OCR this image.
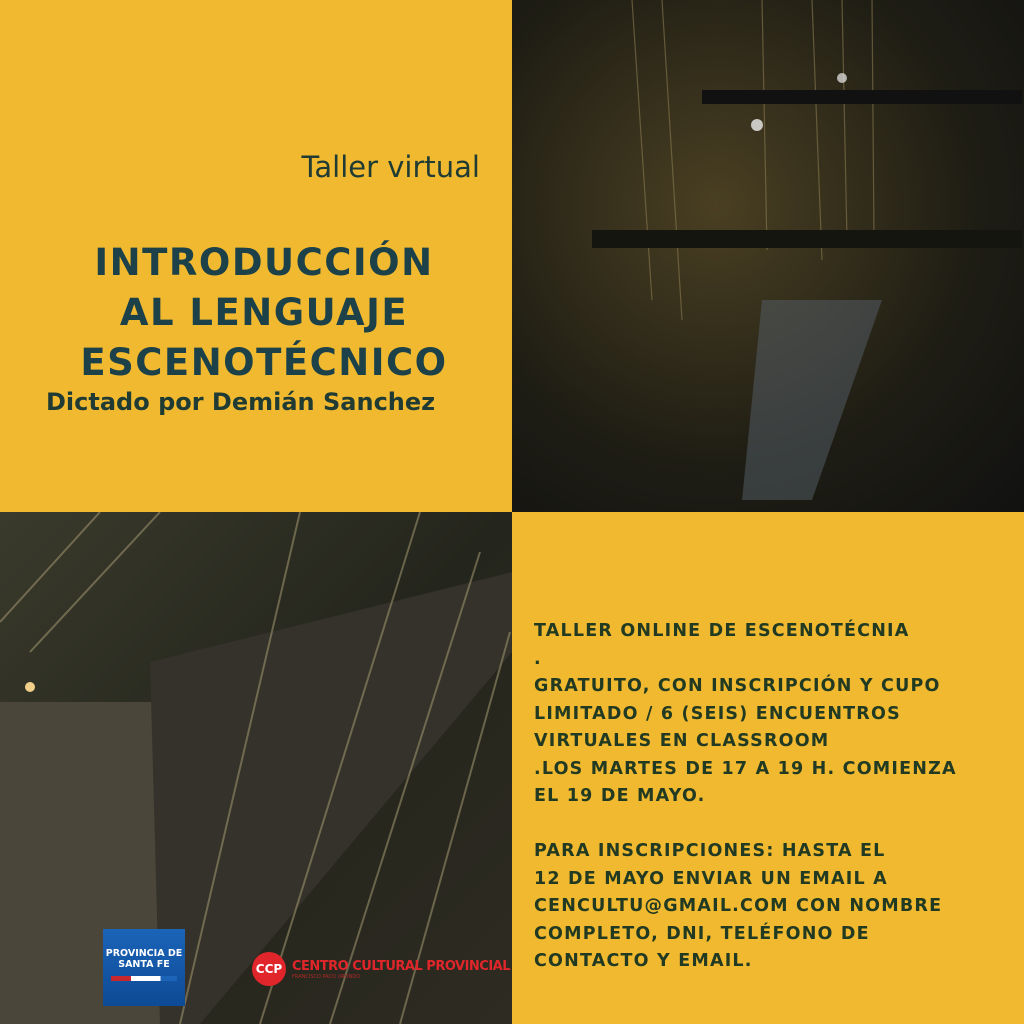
Taller virtual
INTRODUCCIÓN
AL LENGUAJE
ESCENOTÉCNICO
Dictado por Demián Sanchez
PROVINCIA DE SANTA FE	CCP CENTRO CULTURAL PROVINCIAL
FRANCISCO PACO URONDO
TALLER ONLINE DE ESCENOTÉCNIA
.
GRATUITO, CON INSCRIPCIÓN Y CUPO
LIMITADO / 6 (SEIS) ENCUENTROS
VIRTUALES EN CLASSROOM
.LOS MARTES DE 17 A 19 H. COMIENZA
EL 19 DE MAYO.

PARA INSCRIPCIONES: HASTA EL
12 DE MAYO ENVIAR UN EMAIL A
CENCULTU@GMAIL.COM CON NOMBRE
COMPLETO, DNI, TELÉFONO DE
CONTACTO Y EMAIL.
